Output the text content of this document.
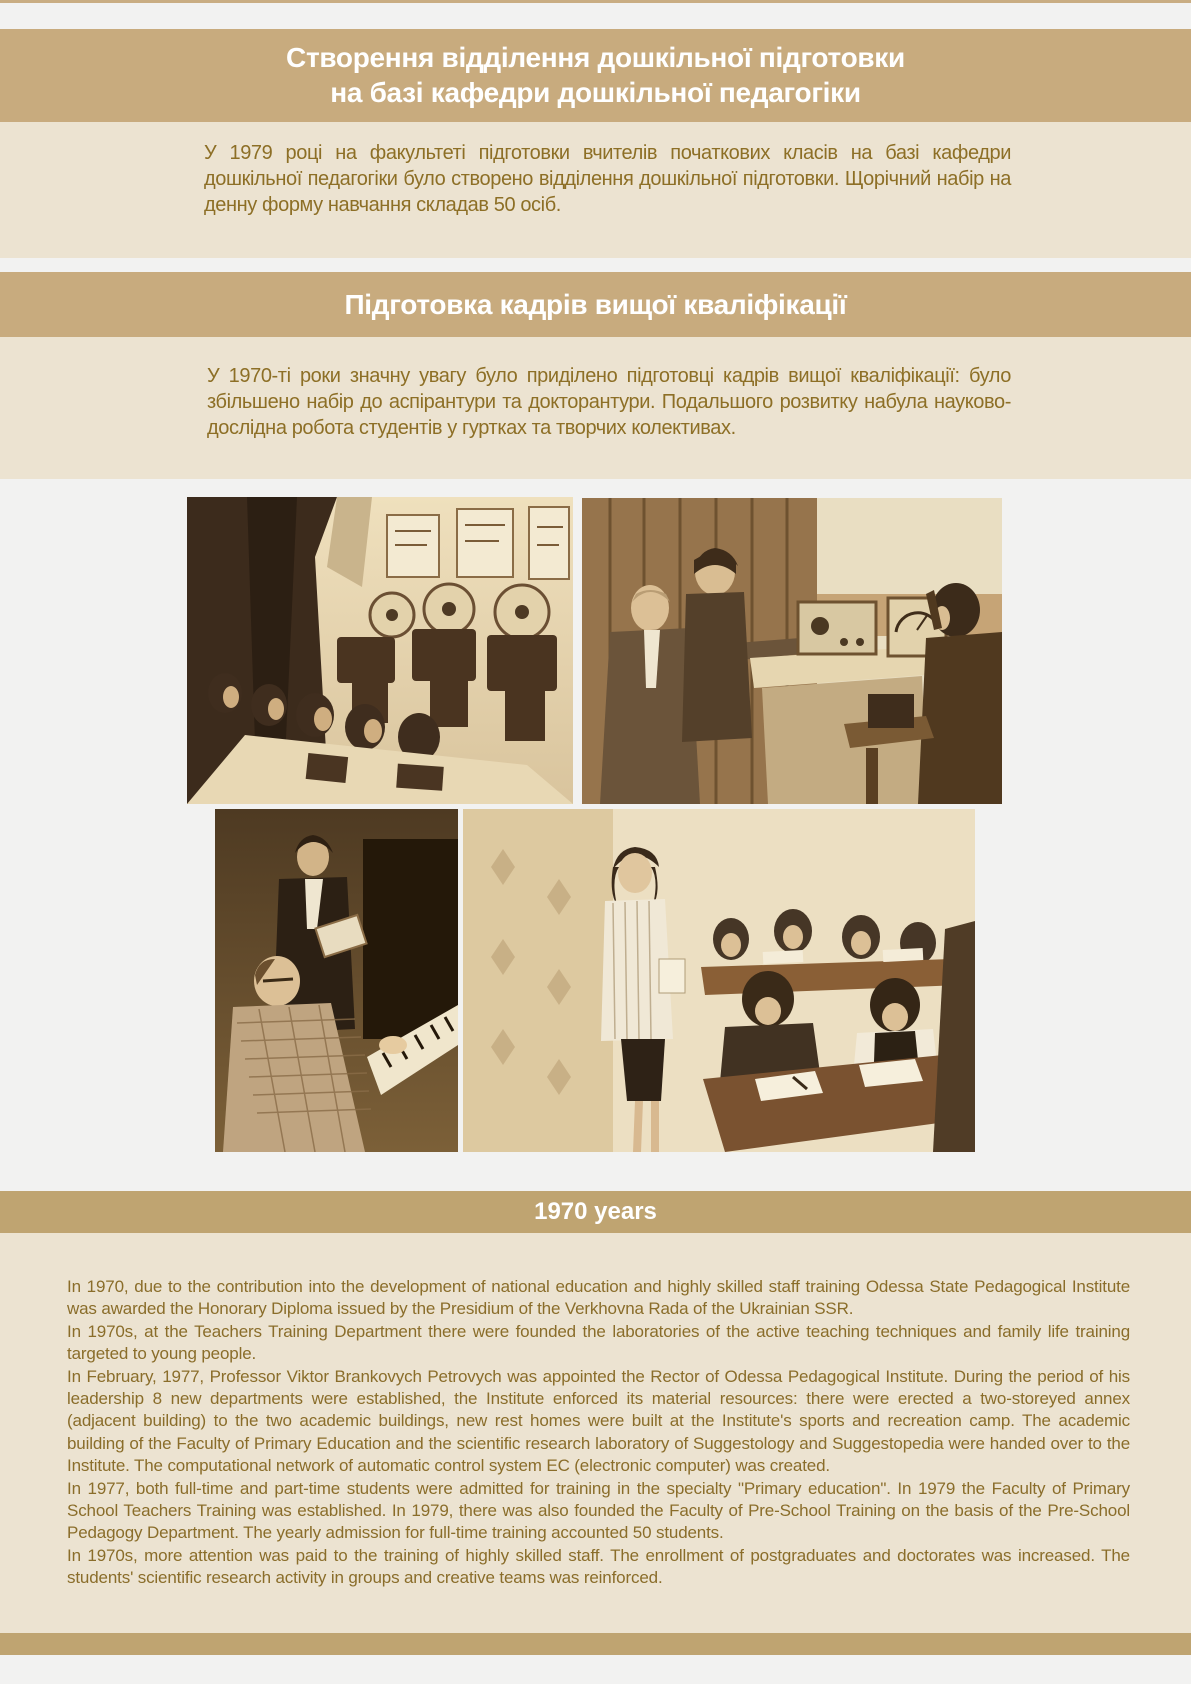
Створення відділення дошкільної підготовки
на базі кафедри дошкільної педагогіки

У 1979 році на факультеті підготовки вчителів початкових класів на базі кафедри дошкільної педагогіки було створено відділення дошкільної підготовки. Щорічний набір на денну форму навчання складав 50 осіб.

Підготовка кадрів вищої кваліфікації

У 1970-ті роки значну увагу було приділено підготовці кадрів вищої кваліфікації: було збільшено набір до аспірантури та докторантури. Подальшого розвитку набула науково-дослідна робота студентів у гуртках та творчих колективах.

1970 years

In 1970, due to the contribution into the development of national education and highly skilled staff training Odessa State Pedagogical Institute was awarded the Honorary Diploma issued by the Presidium of the Verkhovna Rada of the Ukrainian SSR.

In 1970s, at the Teachers Training Department there were founded the laboratories of the active teaching techniques and family life training targeted to young people.

In February, 1977, Professor Viktor Brankovych Petrovych was appointed the Rector of Odessa Pedagogical Institute. During the period of his leadership 8 new departments were established, the Institute enforced its material resources: there were erected a two-storeyed annex (adjacent building) to the two academic buildings, new rest homes were built at the Institute's sports and recreation camp. The academic building of the Faculty of Primary Education and the scientific research laboratory of Suggestology and Suggestopedia were handed over to the Institute. The computational network of automatic control system EC (electronic computer) was created.

In 1977, both full-time and part-time students were admitted for training in the specialty "Primary education". In 1979 the Faculty of Primary School Teachers Training was established. In 1979, there was also founded the Faculty of Pre-School Training on the basis of the Pre-School Pedagogy Department. The yearly admission for full-time training accounted 50 students.

In 1970s, more attention was paid to the training of highly skilled staff. The enrollment of postgraduates and doctorates was increased. The students' scientific research activity in groups and creative teams was reinforced.
